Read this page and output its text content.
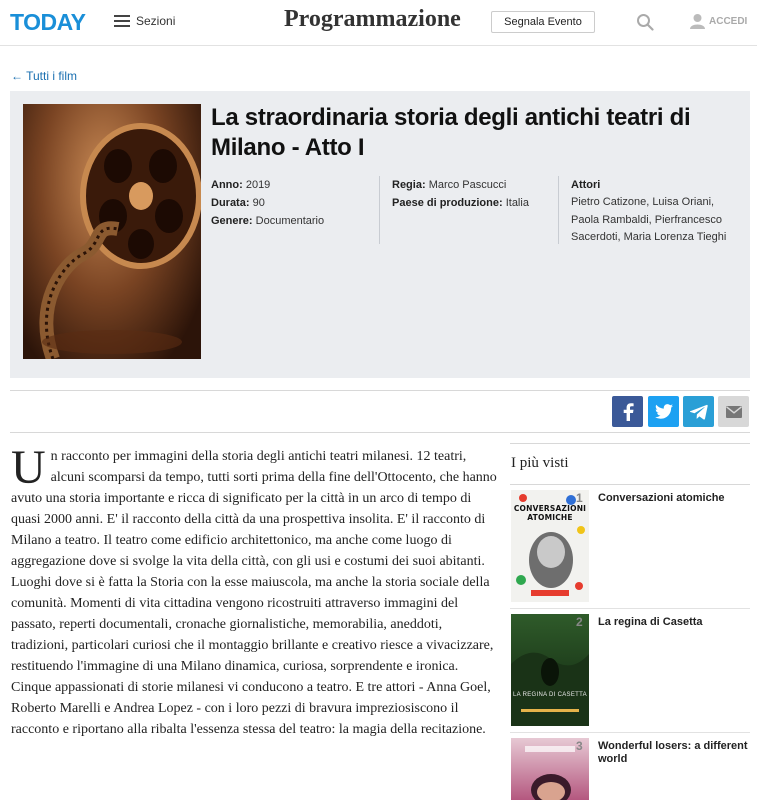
TODAY	Sezioni	Programmazione	Segnala Evento	ACCEDI
← Tutti i film
La straordinaria storia degli antichi teatri di Milano - Atto I
Anno: 2019
Durata: 90
Genere: Documentario
Regia: Marco Pascucci
Paese di produzione: Italia
Attori
Pietro Catizone, Luisa Oriani, Paola Rambaldi, Pierfrancesco Sacerdoti, Maria Lorenza Tieghi
Un racconto per immagini della storia degli antichi teatri milanesi. 12 teatri, alcuni scomparsi da tempo, tutti sorti prima della fine dell'Ottocento, che hanno avuto una storia importante e ricca di significato per la città in un arco di tempo di quasi 2000 anni. E' il racconto della città da una prospettiva insolita. E' il racconto di Milano a teatro. Il teatro come edificio architettonico, ma anche come luogo di aggregazione dove si svolge la vita della città, con gli usi e costumi dei suoi abitanti. Luoghi dove si è fatta la Storia con la esse maiuscola, ma anche la storia sociale della comunità. Momenti di vita cittadina vengono ricostruiti attraverso immagini del passato, reperti documentali, cronache giornalistiche, memorabilia, aneddoti, tradizioni, particolari curiosi che il montaggio brillante e creativo riesce a vivacizzare, restituendo l'immagine di una Milano dinamica, curiosa, sorprendente e ironica. Cinque appassionati di storie milanesi vi conducono a teatro. E tre attori - Anna Goel, Roberto Marelli e Andrea Lopez - con i loro pezzi di bravura impreziosiscono il racconto e riportano alla ribalta l'essenza stessa del teatro: la magia della recitazione.
I più visti
CONVERSAZIONI ATOMICHE
1 Conversazioni atomiche
LA REGINA DI CASETTA
2 La regina di Casetta
3 Wonderful losers: a different world
